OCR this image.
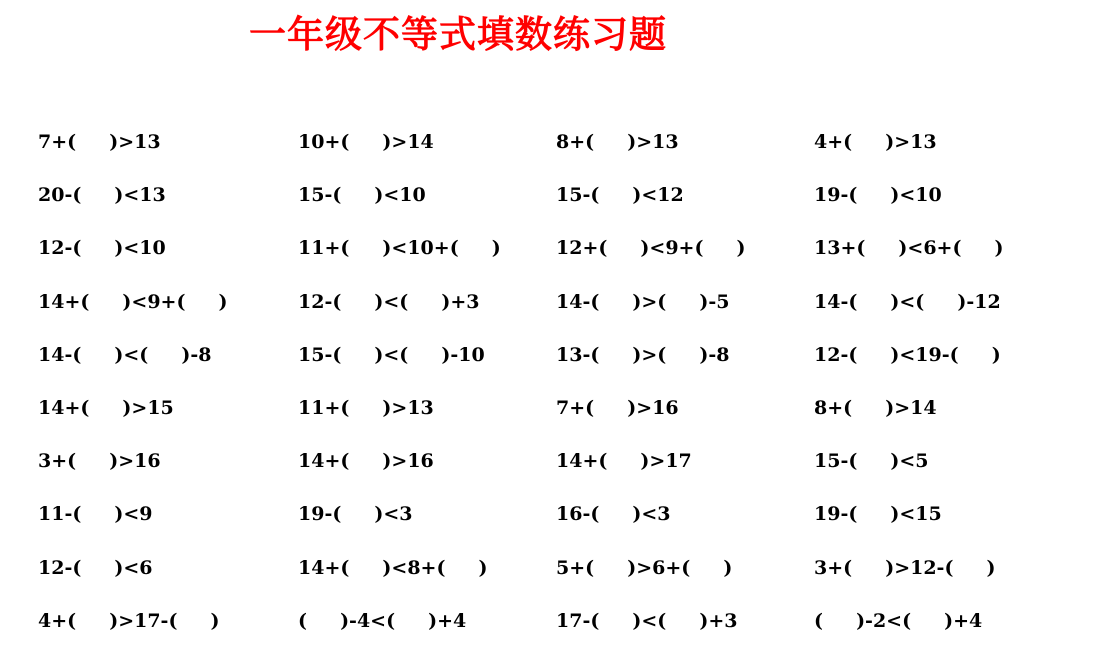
一年级不等式填数练习题
7+(     )>13	10+(     )>14	8+(     )>13	4+(     )>13
20-(     )<13	15-(     )<10	15-(     )<12	19-(     )<10
12-(     )<10	11+(     )<10+(     )	12+(     )<9+(     )	13+(     )<6+(     )
14+(     )<9+(     )	12-(     )<(     )+3	14-(     )>(     )-5	14-(     )<(     )-12
14-(     )<(     )-8	15-(     )<(     )-10	13-(     )>(     )-8	12-(     )<19-(     )
14+(     )>15	11+(     )>13	7+(     )>16	8+(     )>14
3+(     )>16	14+(     )>16	14+(     )>17	15-(     )<5
11-(     )<9	19-(     )<3	16-(     )<3	19-(     )<15
12-(     )<6	14+(     )<8+(     )	5+(     )>6+(     )	3+(     )>12-(     )
4+(     )>17-(     )	(     )-4<(     )+4	17-(     )<(     )+3	(     )-2<(     )+4
